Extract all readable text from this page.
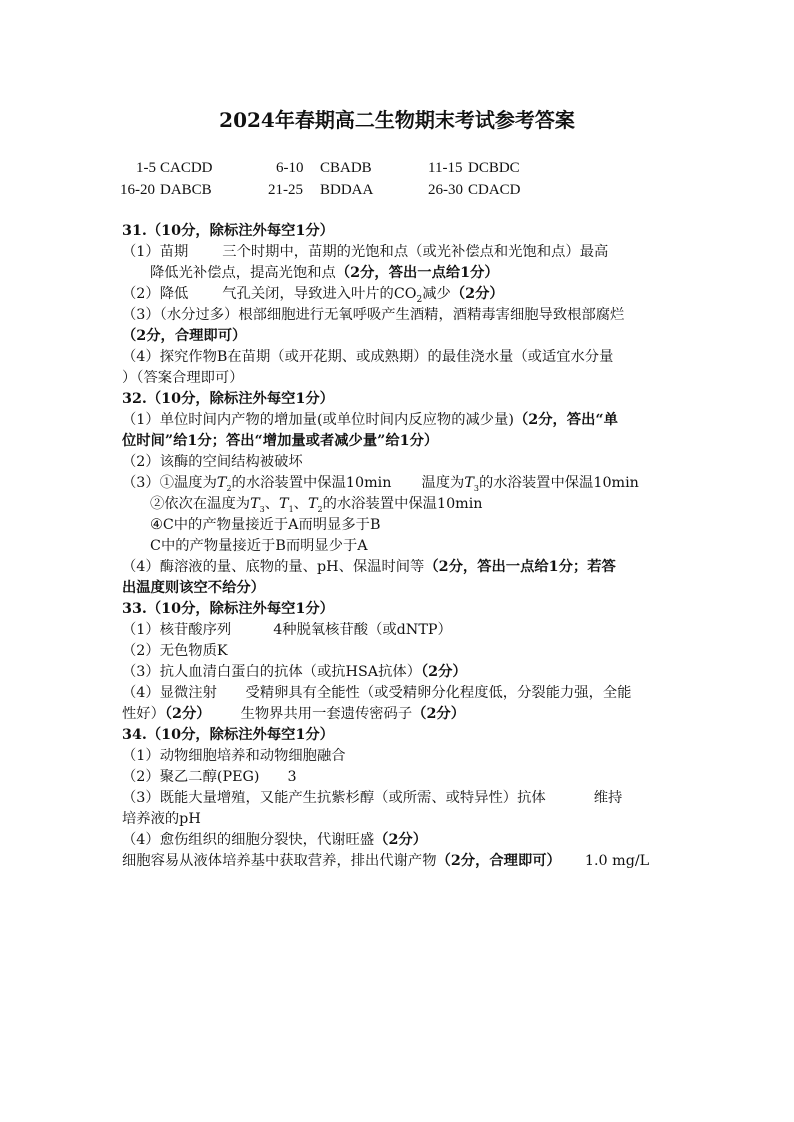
2024年春期高二生物期末考试参考答案
1-5 CACDD	6-10 CBADB	11-15 DCBDC
16-20 DABCB	21-25 BDDAA	26-30 CDACD
31.（10分，除标注外每空1分）
（1）苗期 三个时期中，苗期的光饱和点（或光补偿点和光饱和点）最高
降低光补偿点，提高光饱和点（2分，答出一点给1分）
（2）降低 气孔关闭，导致进入叶片的$CO_2$减少（2分）
（3）（水分过多）根部细胞进行无氧呼吸产生酒精，酒精毒害细胞导致根部腐烂
（2分，合理即可）
（4）探究作物B在苗期（或开花期、或成熟期）的最佳浇水量（或适宜水分量
）（答案合理即可）
32.（10分，除标注外每空1分）
（1）单位时间内产物的增加量(或单位时间内反应物的减少量)（2分，答出“单
位时间”给1分；答出“增加量或者减少量”给1分）
（2）该酶的空间结构被破坏
（3）①温度为$T_2$的水浴装置中保温10min 温度为$T_3$的水浴装置中保温10min
②依次在温度为$T_3$、$T_1$、$T_2$的水浴装置中保温10min
④C中的产物量接近于A而明显多于B
C中的产物量接近于B而明显少于A
（4）酶溶液的量、底物的量、pH、保温时间等（2分，答出一点给1分；若答
出温度则该空不给分）
33.（10分，除标注外每空1分）
（1）核苷酸序列	4种脱氧核苷酸（或dNTP）
（2）无色物质K
（3）抗人血清白蛋白的抗体（或抗HSA抗体）（2分）
（4）显微注射　　受精卵具有全能性（或受精卵分化程度低，分裂能力强，全能
性好）（2分） 生物界共用一套遗传密码子（2分）
34.（10分，除标注外每空1分）
（1）动物细胞培养和动物细胞融合
（2）聚乙二醇(PEG) 3
（3）既能大量增殖，又能产生抗紫杉醇（或所需、或特异性）抗体	维持
培养液的pH
（4）愈伤组织的细胞分裂快，代谢旺盛（2分）
细胞容易从液体培养基中获取营养，排出代谢产物（2分，合理即可） 1.0 mg/L
